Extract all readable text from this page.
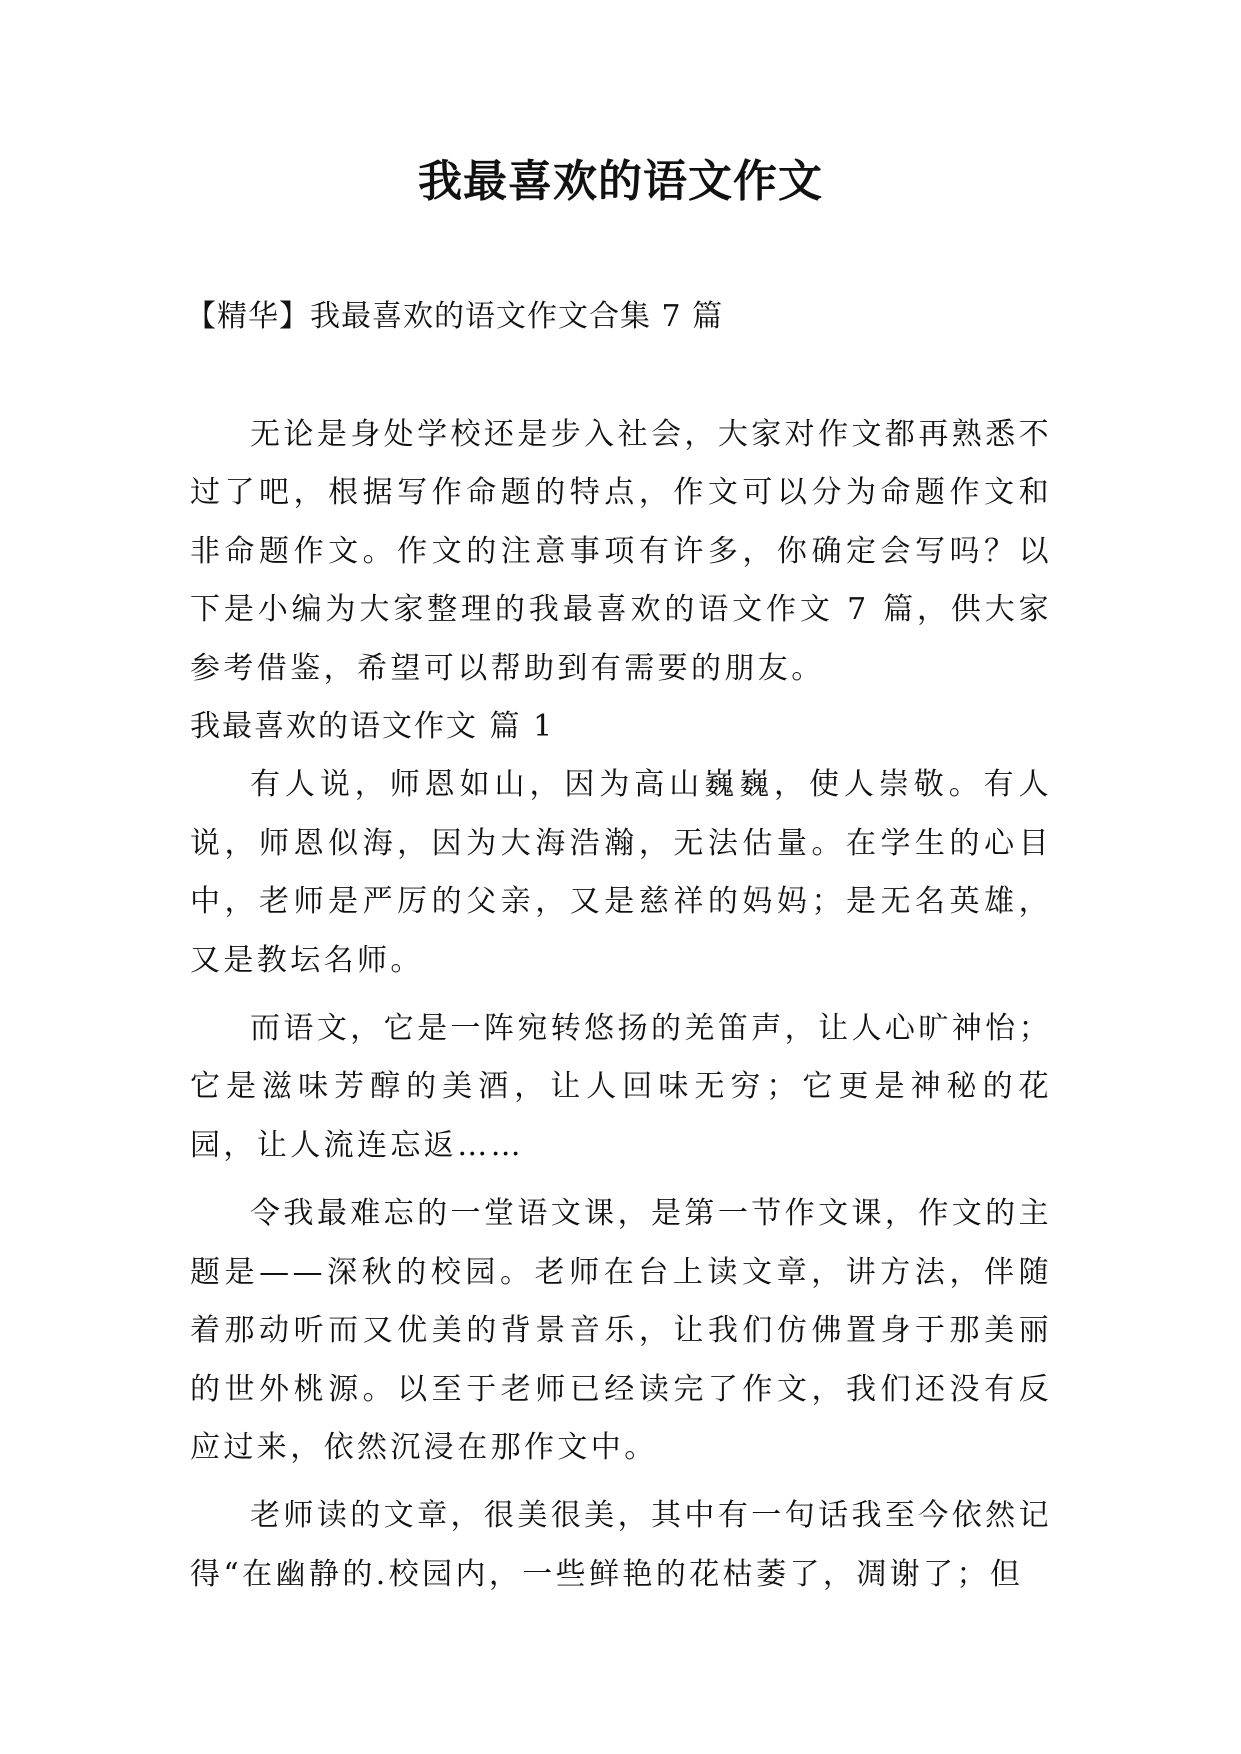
我最喜欢的语文作文
【精华】我最喜欢的语文作文合集 7 篇

无论是身处学校还是步入社会，大家对作文都再熟悉不过了吧，根据写作命题的特点，作文可以分为命题作文和非命题作文。作文的注意事项有许多，你确定会写吗？以下是小编为大家整理的我最喜欢的语文作文 7 篇，供大家参考借鉴，希望可以帮助到有需要的朋友。

我最喜欢的语文作文 篇 1

有人说，师恩如山，因为高山巍巍，使人崇敬。有人说，师恩似海，因为大海浩瀚，无法估量。在学生的心目中，老师是严厉的父亲，又是慈祥的妈妈；是无名英雄，又是教坛名师。

而语文，它是一阵宛转悠扬的羌笛声，让人心旷神怡；它是滋味芳醇的美酒，让人回味无穷；它更是神秘的花园，让人流连忘返……

令我最难忘的一堂语文课，是第一节作文课，作文的主题是——深秋的校园。老师在台上读文章，讲方法，伴随着那动听而又优美的背景音乐，让我们仿佛置身于那美丽的世外桃源。以至于老师已经读完了作文，我们还没有反应过来，依然沉浸在那作文中。

老师读的文章，很美很美，其中有一句话我至今依然记得“在幽静的.校园内，一些鲜艳的花枯萎了，凋谢了；但
